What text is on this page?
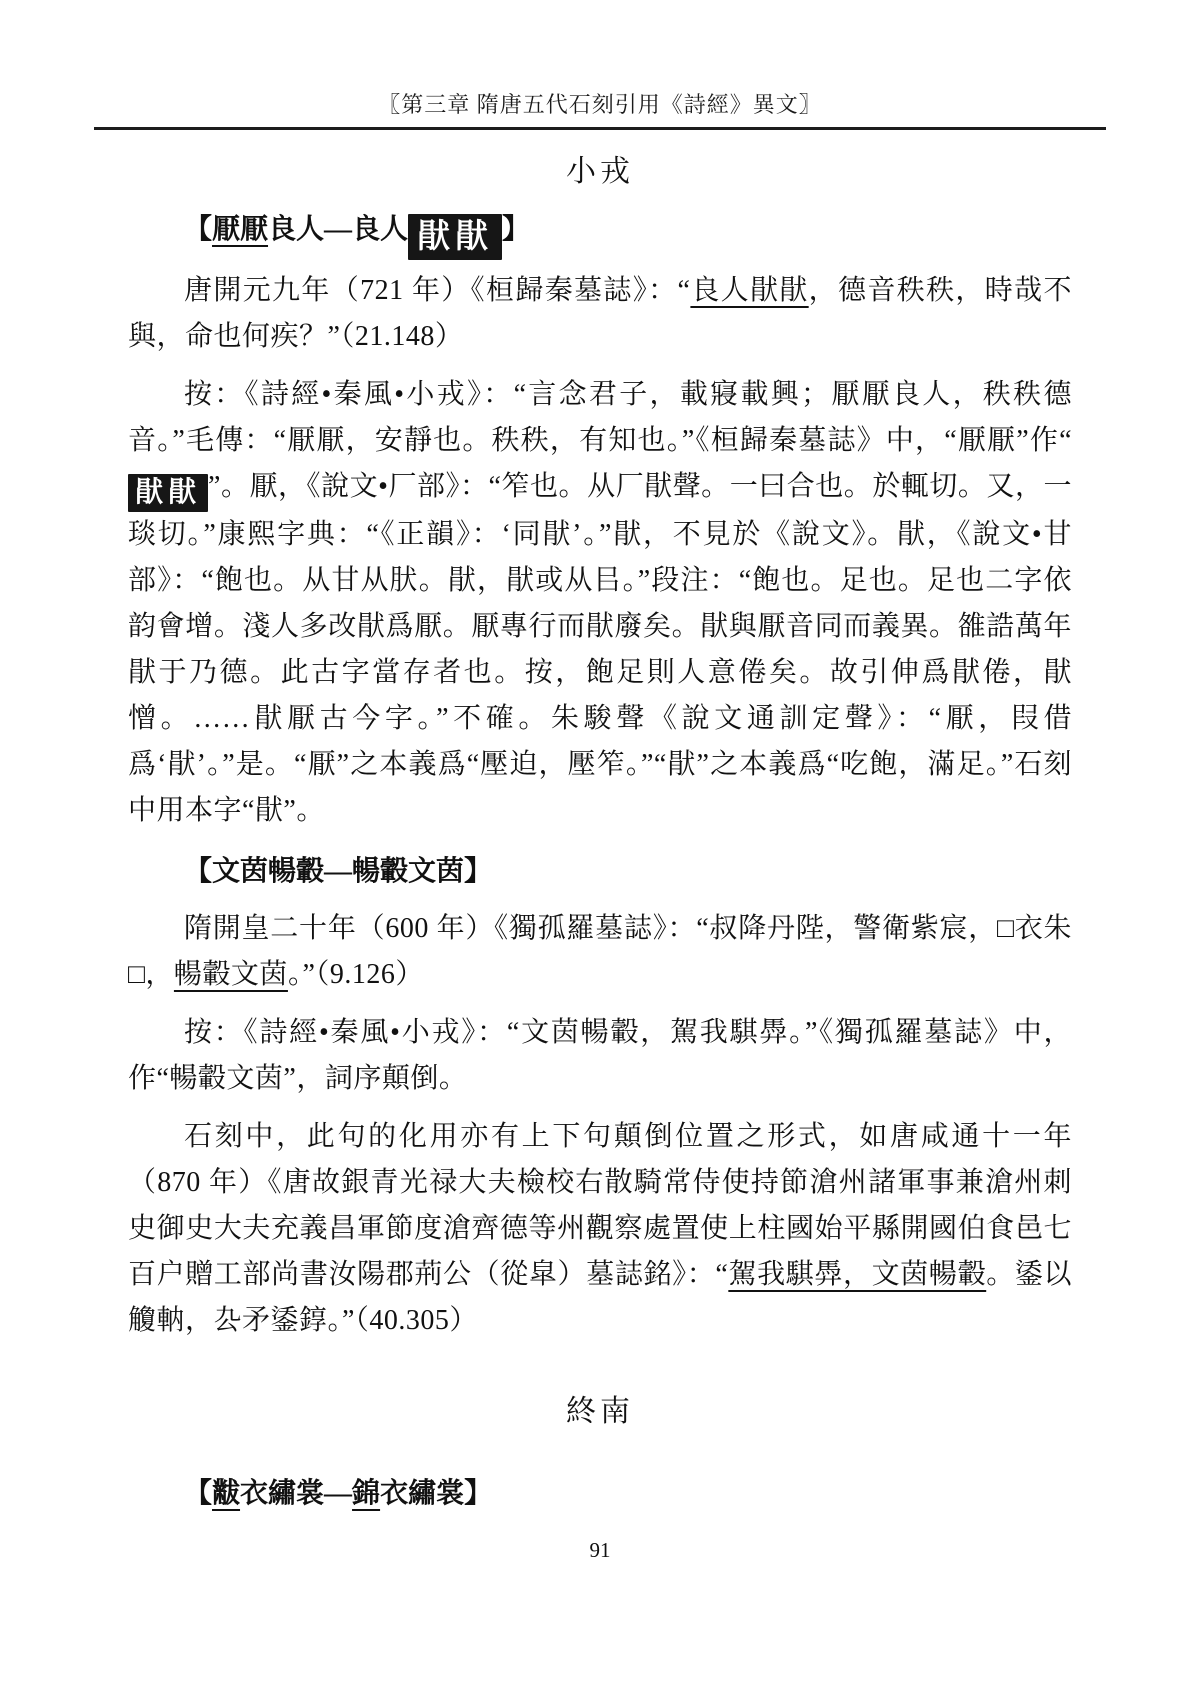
〖第三章 隋唐五代石刻引用《詩經》異文〗
小戎
【厭厭良人—良人 猒猒 】
唐開元九年（721 年）《桓歸秦墓誌》：“良人猒猒，德音秩秩，時哉不與，命也何疾？”（21.148）
按：《詩經•秦風•小戎》：“言念君子，載寢載興；厭厭良人，秩秩德音。”毛傳：“厭厭，安靜也。秩秩，有知也。”《桓歸秦墓誌》中，“厭厭”作“猒猒 ”。厭，《說文•厂部》：“笮也。从厂猒聲。一曰合也。於輒切。又，一琰切。”康熙字典：“《正韻》：‘同猒’。”猒，不見於《說文》。猒，《說文•甘部》：“飽也。从甘从肰。猒，猒或从㠯。”段注：“飽也。足也。足也二字依韵會增。淺人多改猒爲厭。厭專行而猒廢矣。猒與厭音同而義異。雒誥萬年猒于乃德。此古字當存者也。按，飽足則人意倦矣。故引伸爲猒倦，猒憎。……猒厭古今字。”不確。朱駿聲《說文通訓定聲》：“厭，叚借爲‘猒’。”是。“厭”之本義爲“壓迫，壓笮。”“猒”之本義爲“吃飽，滿足。”石刻中用本字“猒”。
【文茵暢轂—暢轂文茵】
隋開皇二十年（600 年）《獨孤羅墓誌》：“叔降丹陛，警衛紫宸，□衣朱□，暢轂文茵。”（9.126）
按：《詩經•秦風•小戎》：“文茵暢轂，駕我騏馵。”《獨孤羅墓誌》中，作“暢轂文茵”，詞序顛倒。
石刻中，此句的化用亦有上下句顛倒位置之形式，如唐咸通十一年（870 年）《唐故銀青光禄大夫檢校右散騎常侍使持節滄州諸軍事兼滄州刺史御史大夫充義昌軍節度滄齊德等州觀察處置使上柱國始平縣開國伯食邑七百户贈工部尚書汝陽郡荊公（從皐）墓誌銘》：“駕我騏馵，文茵暢轂。鋈以觼軜，厹矛鋈錞。”（40.305）
終南
【黻衣繡裳—錦衣繡裳】
91
